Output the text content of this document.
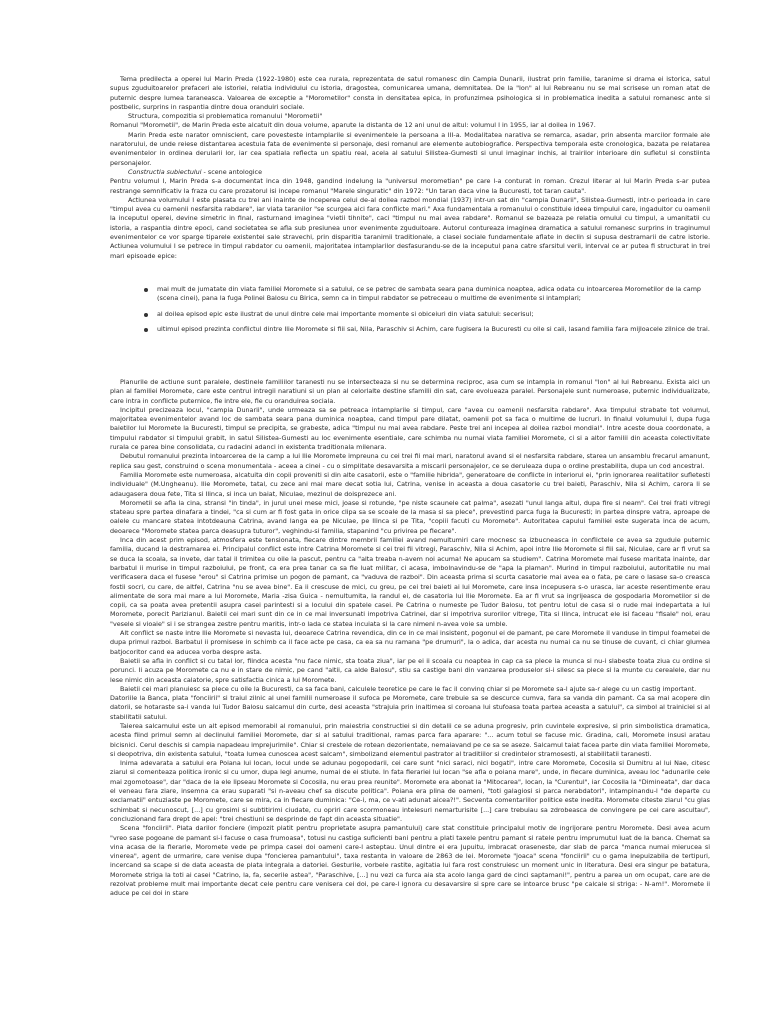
Tema predilecta a operei lui Marin Preda (1922-1980) este cea rurala, reprezentata de satul romanesc din Campia Dunarii, ilustrat prin familie, taranime si drama ei istorica, satul supus zguduitoarelor prefaceri ale istoriei, relatia individului cu istoria, dragostea, comunicarea umana, demnitatea. De la "Ion" al lui Rebreanu nu se mai scrisese un roman atat de puternic despre lumea taraneasca. Valoarea de exceptie a "Morometilor" consta in densitatea epica, in profunzimea psihologica si in problematica inedita a satului romanesc ante si postbelic, surprins in raspantia dintre doua oranduiri sociale.

Structura, compozitia si problematica romanului "Morometii"

Romanul "Morometii", de Marin Preda este alcatuit din doua volume, aparute la distanta de 12 ani unul de altul: volumul I in 1955, iar al doilea in 1967.

Marin Preda este narator omniscient, care povesteste intamplarile si evenimentele la persoana a III-a. Modalitatea narativa se remarca, asadar, prin absenta marcilor formale ale naratorului, de unde reiese distantarea acestuia fata de evenimente si personaje, desi romanul are elemente autobiografice. Perspectiva temporala este cronologica, bazata pe relatarea evenimentelor in ordinea derularii lor, iar cea spatiala reflecta un spatiu real, acela al satului Silistea-Gumesti si unul imaginar inchis, al trairilor interioare din sufletul si constiinta personajelor.

Constructia subiectului - scene antologice

Pentru volumul I, Marin Preda s-a documentat inca din 1948, gandind indelung la "universul morometian" pe care l-a conturat in roman. Crezul literar al lui Marin Preda s-ar putea restrange semnificativ la fraza cu care prozatorul isi incepe romanul "Marele singuratic" din 1972: "Un taran daca vine la Bucuresti, tot taran cauta".

Actiunea volumului I este plasata cu trei ani inainte de inceperea celui de-al doilea razboi mondial (1937) intr-un sat din "campia Dunarii", Silistea-Gumesti, intr-o perioada in care "timpul avea cu oamenii nesfarsita rabdare", iar viata taranilor "se scurgea aici fara conflicte mari." Axa fundamentala a romanului o constituie ideea timpului care, ingaduitor cu oamenii la inceputul operei, devine simetric in final, rasturnand imaginea "vietii tihnite", caci "timpul nu mai avea rabdare". Romanul se bazeaza pe relatia omului cu timpul, a umanitatii cu istoria, a raspantia dintre epoci, cand societatea se afla sub presiunea unor evenimente zguduitoare. Autorul contureaza imaginea dramatica a satului romanesc surprins in traginumul evenimentelor ce vor sparge tiparele existentei sale stravechi, prin disparitia taranimii traditionale, a clasei sociale fundamentale aflate in declin si supusa destramarii de catre istorie. Actiunea volumului I se petrece in timpul rabdator cu oamenii, majoritatea intamplarilor desfasurandu-se de la inceputul pana catre sfarsitul verii, interval ce ar putea fi structurat in trei mari episoade epice:

mai mult de jumatate din viata familiei Moromete si a satului, ce se petrec de sambata seara pana duminica noaptea, adica odata cu intoarcerea Morometilor de la camp (scena cinei), pana la fuga Polinei Balosu cu Birica, semn ca in timpul rabdator se petreceau o multime de evenimente si intamplari;
al doilea episod epic este ilustrat de unul dintre cele mai importante momente si obiceiuri din viata satului: secerisul;
ultimul episod prezinta conflictul dintre Ilie Moromete si fiii sai, Nila, Paraschiv si Achim, care fugisera la Bucuresti cu oile si caii, lasand familia fara mijloacele zilnice de trai.

Planurile de actiune sunt paralele, destinele familiilor taranesti nu se intersecteaza si nu se determina reciproc, asa cum se intampla in romanul "Ion" al lui Rebreanu. Exista aici un plan al familiei Moromete, care este centrul intregii naratiuni si un plan al celorlalte destine sfamilii din sat, care evolueaza paralel. Personajele sunt numeroase, puternic individualizate, care intra in conflicte puternice, fie intre ele, fie cu oranduirea sociala.

Incipitul precizeaza locul, "campia Dunarii", unde urmeaza sa se petreaca intamplarile si timpul, care "avea cu oamenii nesfarsita rabdare". Axa timpului strabate tot volumul, majoritatea evenimentelor avand loc de sambata seara pana duminica noaptea, cand timpul pare dilatat, oamenii pot sa faca o multime de lucruri. In finalul volumului I, dupa fuga baietilor lui Moromete la Bucuresti, timpul se precipita, se grabeste, adica "timpul nu mai avea rabdare. Peste trei ani incepea al doilea razboi mondial". Intre aceste doua coordonate, a timpului rabdator si timpului grabit, in satul Silistea-Gumesti au loc evenimente esentiale, care schimba nu numai viata familiei Moromete, ci si a altor familii din aceasta colectivitate rurala ce parea bine consolidata, cu radacini adanci in existenta traditionala milenara.

Debutul romanului prezinta intoarcerea de la camp a lui Ilie Moromete impreuna cu cei trei fii mai mari, naratorul avand si el nesfarsita rabdare, starea un ansamblu frecarul amanunt, replica sau gest, construind o scena monumentala - aceea a cinei - cu o simplitate desavarsita a miscarii personajelor, ce se deruleaza dupa o ordine prestabilita, dupa un cod ancestral.

Familia Moromete este numeroasa, alcatuita din copii proveniti si din alte casatorii, este o "familie hibrida", generatoare de conflicte in interiorul ei, "prin ignorarea realitatilor sufletesti individuale" (M.Ungheanu). Ilie Moromete, tatal, cu zece ani mai mare decat sotia lui, Catrina, venise in aceasta a doua casatorie cu trei baieti, Paraschiv, Nila si Achim, carora li se adaugasera doua fete, Tita si Ilinca, si inca un baiat, Niculae, mezinul de doisprezece ani.

Morometii se afla la cina, stransi "in tinda", in jurul unei mese mici, joase si rotunde, "pe niste scaunele cat palma", asezati "unul langa altul, dupa fire si neam". Cei trei frati vitregi stateau spre partea dinafara a tindei, "ca si cum ar fi fost gata in orice clipa sa se scoale de la masa si sa plece", prevestind parca fuga la Bucuresti; in partea dinspre vatra, aproape de oalele cu mancare statea intotdeauna Catrina, avand langa ea pe Niculae, pe Ilinca si pe Tita, "copiii facuti cu Moromete". Autoritatea capului familiei este sugerata inca de acum, deoarece "Moromete statea parca deasupra tuturor", veghindu-si familia, stapanind "cu privirea pe fiecare".

Inca din acest prim episod, atmosfera este tensionata, fiecare dintre membrii familiei avand nemultumiri care mocnesc sa izbucneasca in conflictele ce avea sa zguduie puternic familia, ducand la destramarea ei. Principalul conflict este intre Catrina Moromete si cei trei fii vitregi, Paraschiv, Nila si Achim, apoi intre Ilie Moromete si fiii sai, Niculae, care ar fi vrut sa se duca la scoala, sa invete, dar tatal il trimitea cu oile la pascut, pentru ca "alta treaba n-avem noi acuma! Ne apucam sa studiem". Catrina Moromete mai fusese maritata inainte, dar barbatul ii murise in timpul razboiului, pe front, ca era prea tanar ca sa fie luat militar, ci acasa, imbolnavindu-se de "apa la plaman". Murind in timpul razboiului, autoritatile nu mai verificasera daca el fusese "erou" si Catrina primise un pogon de pamant, ca "vaduva de razboi". Din aceasta prima si scurta casatorie mai avea ea o fata, pe care o lasase sa-o creasca fostii socri, cu care, de altfel, Catrina "nu se avea bine". Ea ii crescuse de mici, cu greu, pe cei trei baieti ai lui Moromete, care insa incepusera s-o urasca, iar aceste resentimente erau alimentate de sora mai mare a lui Moromete, Maria -zisa Guica - nemultumita, la randul ei, de casatoria lui Ilie Moromete. Ea ar fi vrut sa ingrijeasca de gospodaria Morometilor si de copii, ca sa poata avea pretentii asupra casei parintesti si a locului din spatele casei. Pe Catrina o numeste pe Tudor Balosu, tot pentru lotul de casa si o rude mai indepartata a lui Moromete, porecit Parizianul. Baietii cei mari sunt din ce in ce mai inversunati impotriva Catrinei, dar si impotriva surorilor vitrege, Tita si Ilinca, intrucat ele isi faceau "fisale" noi, erau "vesele si vioaie" si i se strangea zestre pentru maritis, intr-o lada ce statea incuiata si la care nimeni n-avea voie sa umble.

Alt conflict se naste intre Ilie Moromete si nevasta lui, deoarece Catrina revendica, din ce in ce mai insistent, pogonul ei de pamant, pe care Moromete il vanduse in timpul foametei de dupa primul razboi. Barbatul ii promisese in schimb ca il face acte pe casa, ca ea sa nu ramana "pe drumuri", la o adica, dar acesta nu numai ca nu se tinuse de cuvant, ci chiar glumea batjocoritor cand ea aducea vorba despre asta.

Baietii se afla in conflict si cu tatal lor, fiindca acesta "nu face nimic, sta toata ziua", iar pe ei ii scoala cu noaptea in cap ca sa plece la munca si nu-i slabeste toata ziua cu ordine si porunci. Ii acuza pe Moromete ca nu e in stare de nimic, pe cand "altii, ca alde Balosu", stiu sa castige bani din vanzarea produselor si-i silesc sa plece si la munte cu cerealele, dar nu lese nimic din aceasta calatorie, spre satisfactia cinica a lui Moromete.

Baietii cei mari planuiesc sa plece cu oile la Bucuresti, ca sa faca bani, calculele teoretice pe care le fac il convinq chiar si pe Moromete sa-l ajute sa-r alege cu un castig important.

Datoriile la Banca, plata "fonciirii" si traiul zilnic al unei familii numeroase il sufoca pe Moromete, care trebuie sa se descurce cumva, fara sa vanda din pamant. Ca sa mai acopere din datorii, se hotaraste sa-i vanda lui Tudor Balosu salcamul din curte, desi aceasta "strajuia prin inaltimea si coroana lui stufoasa toata partea aceasta a satului", ca simbol al trainiciei si al stabilitatii satului.

Taierea salcamului este un alt episod memorabil al romanului, prin maiestria constructiei si din detalii ce se aduna progresiv, prin cuvintele expresive, si prin simbolistica dramatica, acesta fiind primul semn al declinului familiei Moromete, dar si al satului traditional, ramas parca fara aparare: "... acum totul se facuse mic. Gradina, cali, Moromete insusi aratau bicisnici. Cerul deschis si campia napadeau imprejurimile". Chiar si crestele de rotean dezorientate, nemaiavand pe ce sa se aseze. Salcamul taiat facea parte din viata familiei Moromete, si deopotriva, din existenta satului, "toata lumea cunoscea acest salcam", simbolizand elementul pastrator al traditiilor si credintelor stramosesti, al stabilitatii taranesti.

Inima adevarata a satului era Poiana lui Iocan, locul unde se adunau pogopodarii, cei care sunt "nici saraci, nici bogati", intre care Moromete, Cocosila si Dumitru al lui Nae, citesc ziarul si comenteaza politica ironic si cu umor, dupa legi anume, numai de ei stiute. In fata fierariei lui Iocan "se afla o poiana mare", unde, in fiecare duminica, aveau loc "adunarile cele mai zgomotoase", dar "daca de la ele lipseau Moromete si Cocosila, nu erau prea reunite". Moromete era abonat la "Mitocarea", Iocan, la "Curentul", iar Cocosila la "Dimineata", dar daca el veneau fara ziare, insemna ca erau suparati "si n-aveau chef sa discute politica". Poiana era plina de oameni, "toti galagiosi si parca nerabdatori", intampinandu-l "de departe cu exclamatii" entuziaste pe Moromete, care se mira, ca in fiecare duminica: "Ce-i, ma, ce v-ati adunat aicea?!". Secventa comentariilor politice este inedita. Moromete citeste ziarul "cu glas schimbat si necunoscut, [...] cu grosimi si subtitirimi ciudate, cu opriri care scormoneau intelesuri nemarturisite [...] care trebuiau sa zdrobeasca de convingere pe cei care ascultau", concluzionand fara drept de apel: "trei chestiuni se desprinde de fapt din aceasta situatie".

Scena "fonciirii". Plata darilor fonciere (impozit platit pentru proprietate asupra pamantului) care stat constituie principalul motiv de ingrijorare pentru Moromete. Desi avea acum "vreo sase pogoane de pamant si-i facuse o casa frumoasa", totusi nu castiga suficienti bani pentru a plati taxele pentru pamant si ratele pentru imprumutul luat de la banca. Chemat sa vina acasa de la fierarie, Moromete vede pe primpa casei doi oameni care-l asteptau. Unul dintre ei era Jupuitu, imbracat oraseneste, dar slab de parca "manca numai mierucea si vinerea", agent de urmarire, care venise dupa "fonciereа pamantului", taxa restanta in valoare de 2863 de lei. Moromete "joaca" scena "fonciirii" cu o gama inepuizabila de tertipuri, incercand sa scape si de data aceasta de plata integrala a datoriei. Gesturile, vorbele rastite, agitatia lui fara rost construiesc un moment unic in literatura. Desi era singur pe batatura, Moromete striga la toti ai casei "Catrino, la, fa, secerile astea", "Paraschive, [...] nu vezi ca furca aia sta acolo langa gard de cinci saptamani!", pentru a parea un om ocupat, care are de rezolvat probleme mult mai importante decat cele pentru care venisera cei doi, pe care-l ignora cu desavarsire si spre care se intoarce brusc "pe calcale si striga: - N-am!". Moromete ii aduce pe cei doi in stare
